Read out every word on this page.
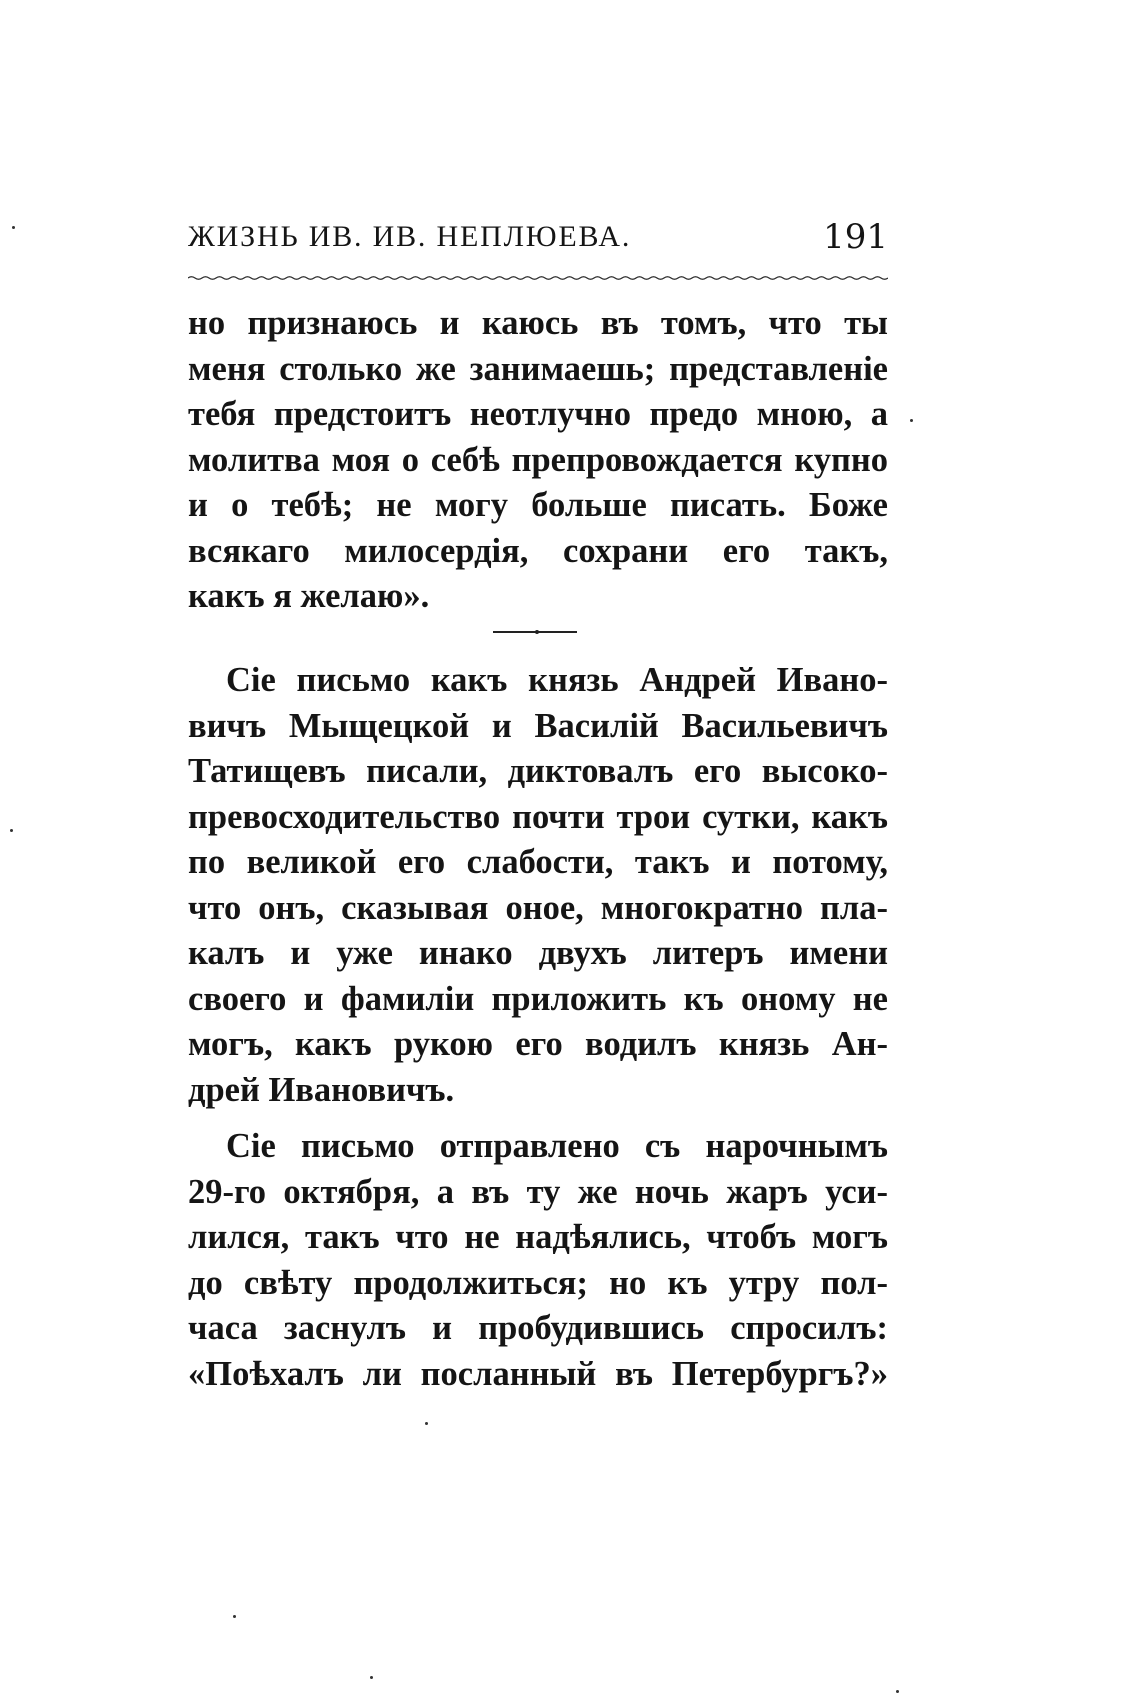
ЖИЗНЬ ИВ. ИВ. НЕПЛЮЕВА.	191
но признаюсь и каюсь въ томъ, что ты
меня столько же занимаешь; представленіе
тебя предстоитъ неотлучно предо мною, а
молитва моя о себѣ препровождается купно
и о тебѣ; не могу больше писать. Боже
всякаго милосердія, сохрани его такъ,
какъ я желаю».
Сіе письмо какъ князь Андрей Ивано-
вичъ Мыщецкой и Василій Васильевичъ
Татищевъ писали, диктовалъ его высоко-
превосходительство почти трои сутки, какъ
по великой его слабости, такъ и потому,
что онъ, сказывая оное, многократно пла-
калъ и уже инако двухъ литеръ имени
своего и фамиліи приложить къ оному не
могъ, какъ рукою его водилъ князь Ан-
дрей Ивановичъ.
Сіе письмо отправлено съ нарочнымъ
29-го октября, а въ ту же ночь жаръ уси-
лился, такъ что не надѣялись, чтобъ могъ
до свѣту продолжиться; но къ утру пол-
часа заснулъ и пробудившись спросилъ:
«Поѣхалъ ли посланный въ Петербургъ?»
